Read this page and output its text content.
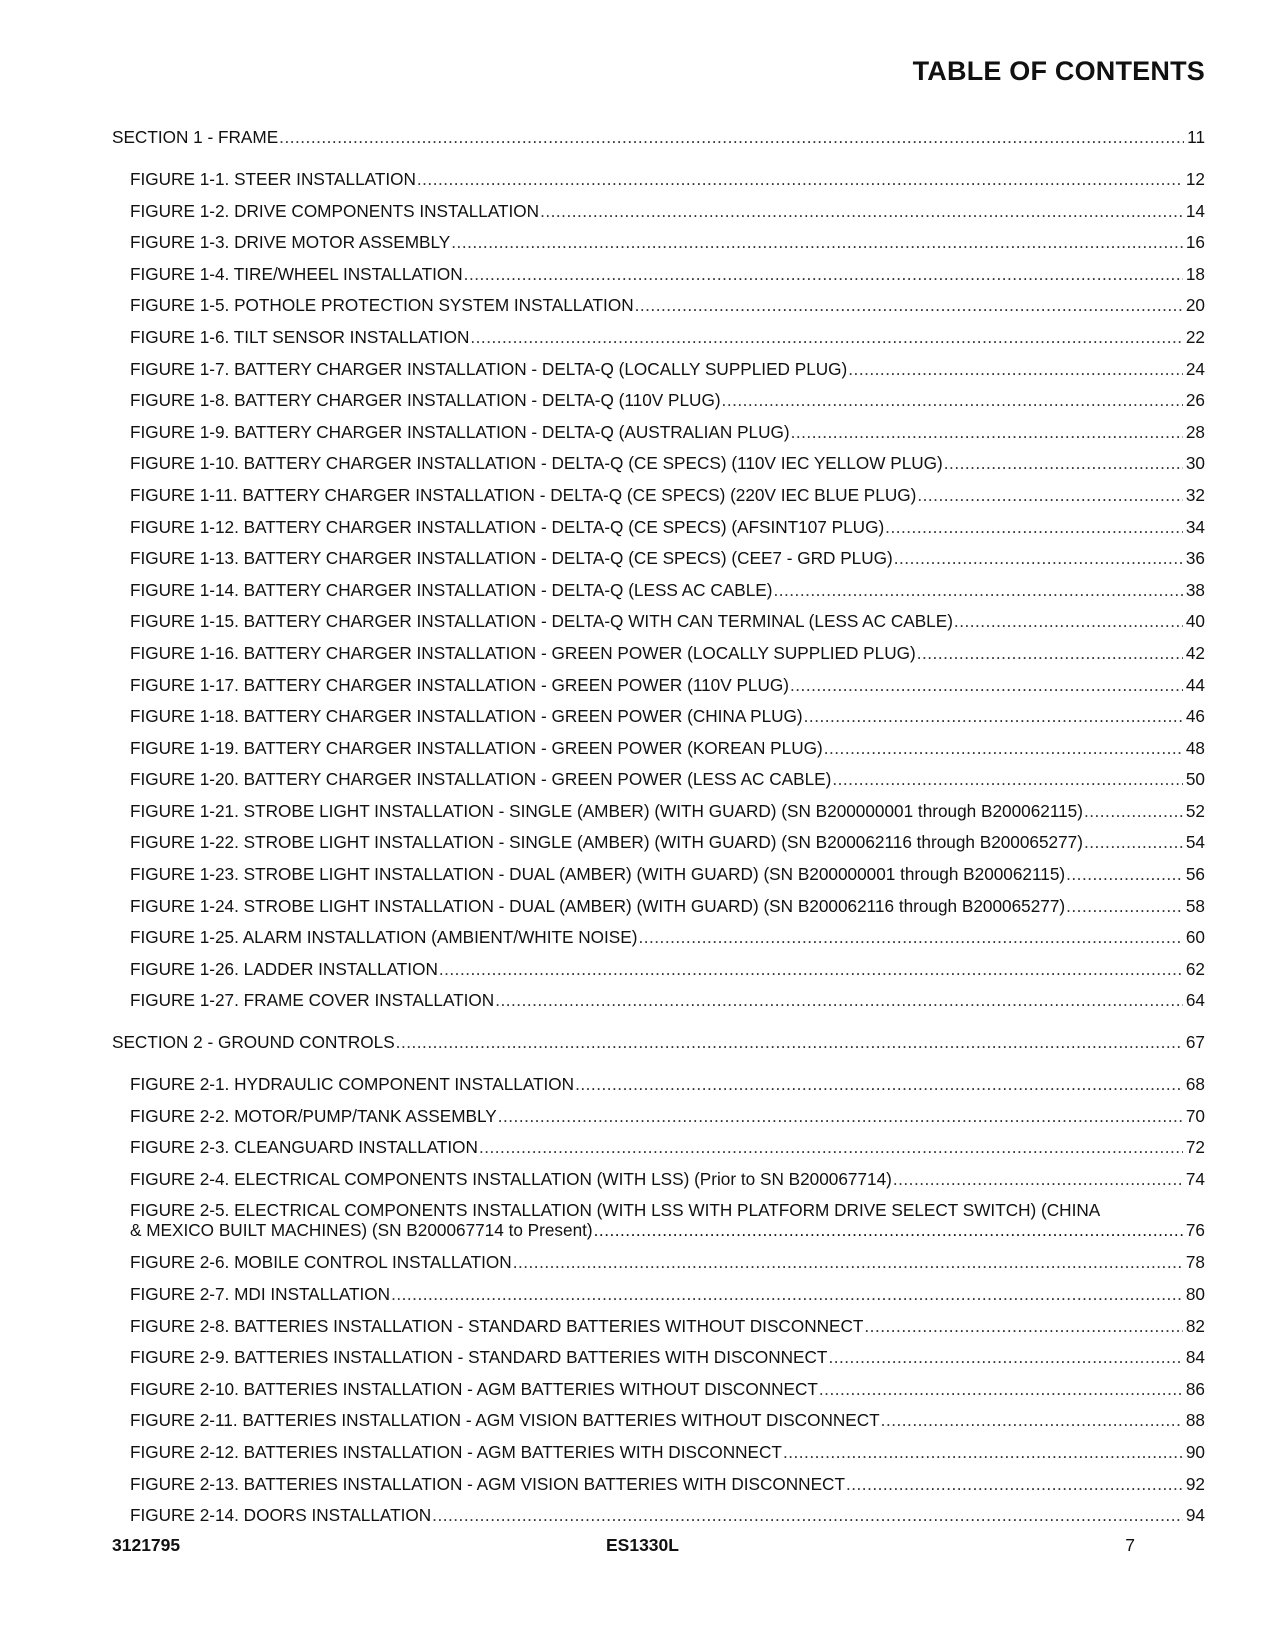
TABLE OF CONTENTS
SECTION 1 - FRAME .....	11
FIGURE 1-1. STEER INSTALLATION .....	12
FIGURE 1-2. DRIVE COMPONENTS INSTALLATION .....	14
FIGURE 1-3. DRIVE MOTOR ASSEMBLY .....	16
FIGURE 1-4. TIRE/WHEEL INSTALLATION .....	18
FIGURE 1-5. POTHOLE PROTECTION SYSTEM INSTALLATION .....	20
FIGURE 1-6. TILT SENSOR INSTALLATION .....	22
FIGURE 1-7. BATTERY CHARGER INSTALLATION - DELTA-Q (LOCALLY SUPPLIED PLUG) .....	24
FIGURE 1-8. BATTERY CHARGER INSTALLATION - DELTA-Q (110V PLUG) .....	26
FIGURE 1-9. BATTERY CHARGER INSTALLATION - DELTA-Q (AUSTRALIAN PLUG) .....	28
FIGURE 1-10. BATTERY CHARGER INSTALLATION - DELTA-Q (CE SPECS) (110V IEC YELLOW PLUG) .....	30
FIGURE 1-11. BATTERY CHARGER INSTALLATION - DELTA-Q (CE SPECS) (220V IEC BLUE PLUG) .....	32
FIGURE 1-12. BATTERY CHARGER INSTALLATION - DELTA-Q (CE SPECS) (AFSINT107 PLUG) .....	34
FIGURE 1-13. BATTERY CHARGER INSTALLATION - DELTA-Q (CE SPECS) (CEE7 - GRD PLUG) .....	36
FIGURE 1-14. BATTERY CHARGER INSTALLATION - DELTA-Q (LESS AC CABLE) .....	38
FIGURE 1-15. BATTERY CHARGER INSTALLATION - DELTA-Q WITH CAN TERMINAL (LESS AC CABLE) .....	40
FIGURE 1-16. BATTERY CHARGER INSTALLATION - GREEN POWER (LOCALLY SUPPLIED PLUG) .....	42
FIGURE 1-17. BATTERY CHARGER INSTALLATION - GREEN POWER (110V PLUG) .....	44
FIGURE 1-18. BATTERY CHARGER INSTALLATION - GREEN POWER (CHINA PLUG) .....	46
FIGURE 1-19. BATTERY CHARGER INSTALLATION - GREEN POWER (KOREAN PLUG) .....	48
FIGURE 1-20. BATTERY CHARGER INSTALLATION - GREEN POWER (LESS AC CABLE) .....	50
FIGURE 1-21. STROBE LIGHT INSTALLATION - SINGLE (AMBER) (WITH GUARD) (SN B200000001 through B200062115) .....	52
FIGURE 1-22. STROBE LIGHT INSTALLATION - SINGLE (AMBER) (WITH GUARD) (SN B200062116 through B200065277) .....	54
FIGURE 1-23. STROBE LIGHT INSTALLATION - DUAL (AMBER) (WITH GUARD) (SN B200000001 through B200062115) .....	56
FIGURE 1-24. STROBE LIGHT INSTALLATION - DUAL (AMBER) (WITH GUARD) (SN B200062116 through B200065277) .....	58
FIGURE 1-25. ALARM INSTALLATION (AMBIENT/WHITE NOISE) .....	60
FIGURE 1-26. LADDER INSTALLATION .....	62
FIGURE 1-27. FRAME COVER INSTALLATION .....	64
SECTION 2 - GROUND CONTROLS .....	67
FIGURE 2-1. HYDRAULIC COMPONENT INSTALLATION .....	68
FIGURE 2-2. MOTOR/PUMP/TANK ASSEMBLY .....	70
FIGURE 2-3. CLEANGUARD INSTALLATION .....	72
FIGURE 2-4. ELECTRICAL COMPONENTS INSTALLATION (WITH LSS) (Prior to SN B200067714) .....	74
FIGURE 2-5. ELECTRICAL COMPONENTS INSTALLATION (WITH LSS WITH PLATFORM DRIVE SELECT SWITCH) (CHINA
& MEXICO BUILT MACHINES) (SN B200067714 to Present) .....	76
FIGURE 2-6. MOBILE CONTROL INSTALLATION .....	78
FIGURE 2-7. MDI INSTALLATION .....	80
FIGURE 2-8. BATTERIES INSTALLATION - STANDARD BATTERIES WITHOUT DISCONNECT .....	82
FIGURE 2-9. BATTERIES INSTALLATION - STANDARD BATTERIES WITH DISCONNECT .....	84
FIGURE 2-10. BATTERIES INSTALLATION - AGM BATTERIES WITHOUT DISCONNECT .....	86
FIGURE 2-11. BATTERIES INSTALLATION - AGM VISION BATTERIES WITHOUT DISCONNECT .....	88
FIGURE 2-12. BATTERIES INSTALLATION - AGM BATTERIES WITH DISCONNECT .....	90
FIGURE 2-13. BATTERIES INSTALLATION - AGM VISION BATTERIES WITH DISCONNECT .....	92
FIGURE 2-14. DOORS INSTALLATION .....	94
3121795	ES1330L	7
